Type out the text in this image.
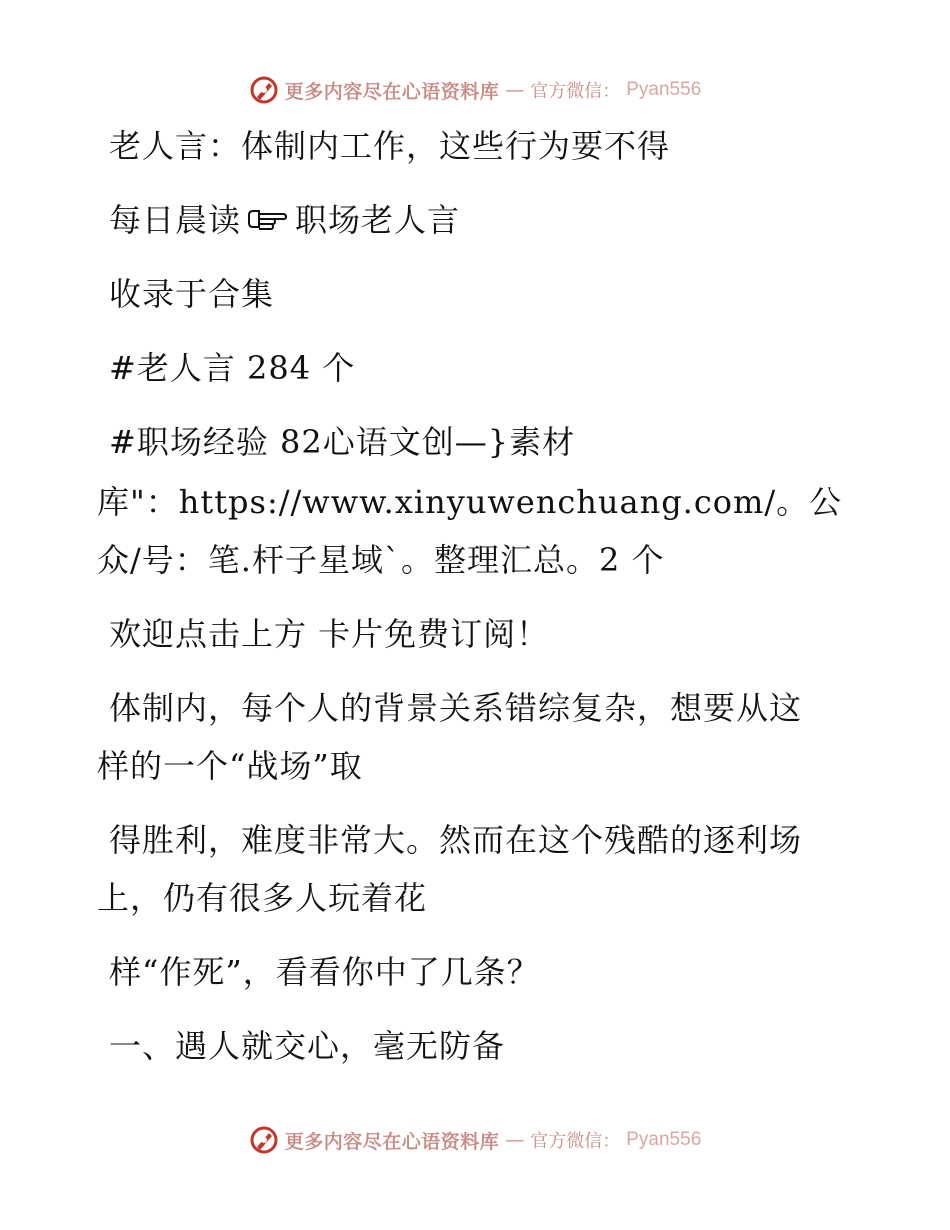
更多内容尽在心语资料库 — 官方微信： Pyan556
老人言：体制内工作，这些行为要不得
每日晨读 职场老人言
收录于合集
#老人言 284 个
#职场经验 82心语文创—}素材
库"：https://www.xinyuwenchuang.com/。公
众/号：笔.杆子星域`。整理汇总。2 个
欢迎点击上方 卡片免费订阅！
体制内，每个人的背景关系错综复杂，想要从这
样的一个“战场”取
得胜利，难度非常大。然而在这个残酷的逐利场
上，仍有很多人玩着花
样“作死”，看看你中了几条？
一、遇人就交心，毫无防备
更多内容尽在心语资料库 — 官方微信： Pyan556
